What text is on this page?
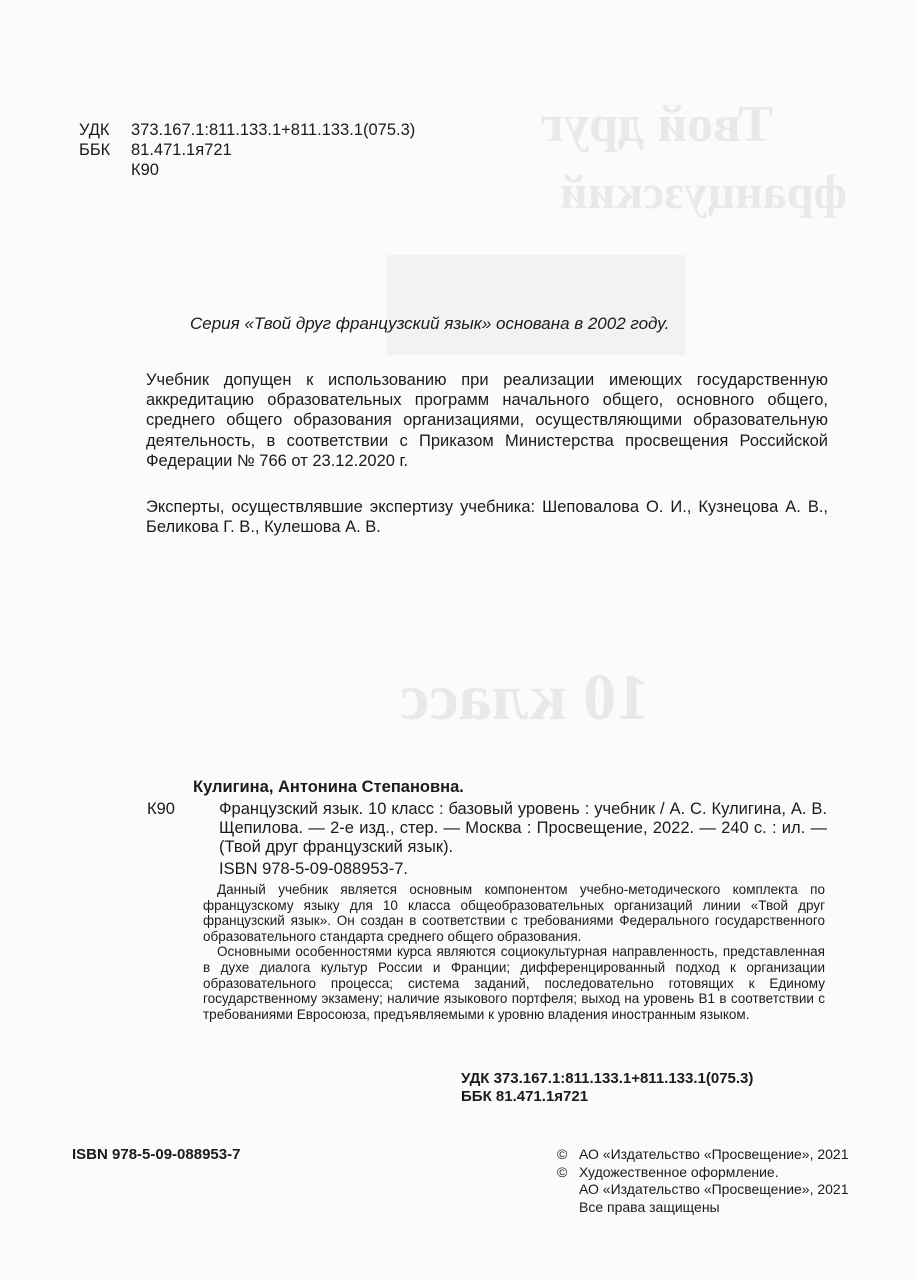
Твой друг
французский
10 класс
УДК	373.167.1:811.133.1+811.133.1(075.3)
ББК	81.471.1я721
К90
Серия «Твой друг французский язык» основана в 2002 году.
Учебник допущен к использованию при реализации имеющих государственную аккредитацию образовательных программ начального общего, основного общего, среднего общего образования организациями, осуществляющими образовательную деятельность, в соответствии с Приказом Министерства просвещения Российской Федерации № 766 от 23.12.2020 г.
Эксперты, осуществлявшие экспертизу учебника: Шеповалова О. И., Кузнецова А. В., Беликова Г. В., Кулешова А. В.
Кулигина, Антонина Степановна.
К90	Французский язык. 10 класс : базовый уровень : учебник / А. С. Кулигина, А. В. Щепилова. — 2-е изд., стер. — Москва : Просвещение, 2022. — 240 с. : ил. — (Твой друг французский язык).
ISBN 978-5-09-088953-7.

Данный учебник является основным компонентом учебно-методического комплекта по французскому языку для 10 класса общеобразовательных организаций линии «Твой друг французский язык». Он создан в соответствии с требованиями Федерального государственного образовательного стандарта среднего общего образования.

Основными особенностями курса являются социокультурная направленность, представленная в духе диалога культур России и Франции; дифференцированный подход к организации образовательного процесса; система заданий, последовательно готовящих к Единому государственному экзамену; наличие языкового портфеля; выход на уровень B1 в соответствии с требованиями Евросоюза, предъявляемыми к уровню владения иностранным языком.

УДК 373.167.1:811.133.1+811.133.1(075.3)
ББК 81.471.1я721
ISBN 978-5-09-088953-7	© АО «Издательство «Просвещение», 2021
© Художественное оформление.
АО «Издательство «Просвещение», 2021
Все права защищены
